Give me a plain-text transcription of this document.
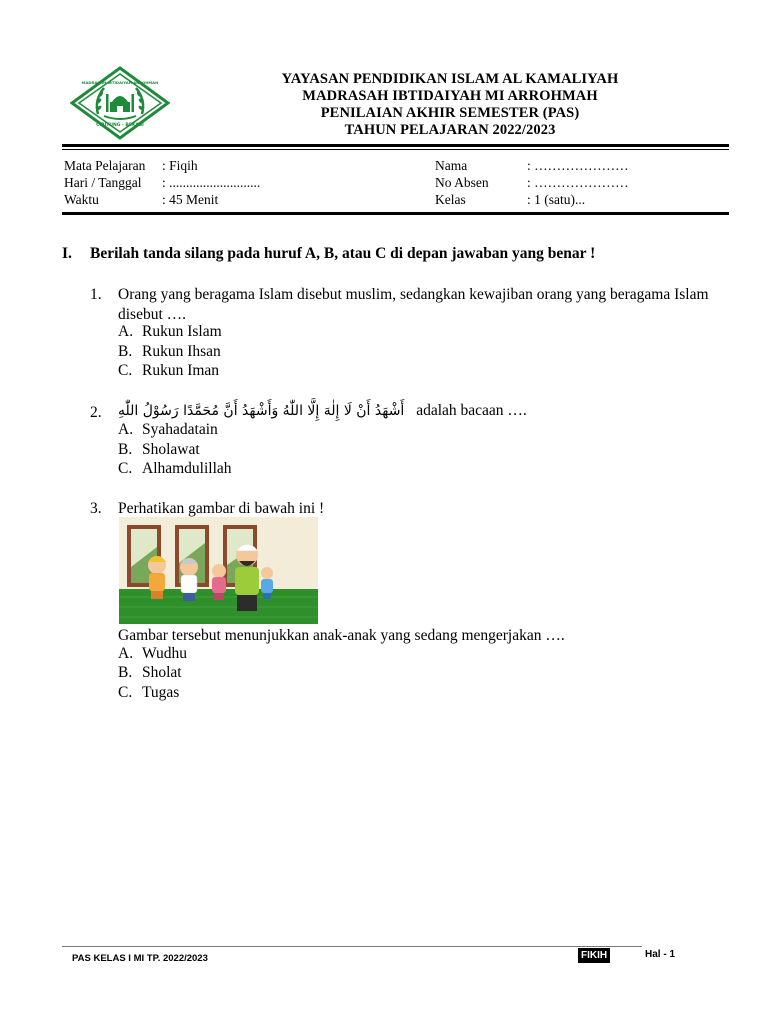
CIBITUNG - BEKASI
MADRASAH IBTIDAIYAH ARROHMAH	YAYASAN PENDIDIKAN ISLAM AL KAMALIYAH
MADRASAH IBTIDAIYAH MI ARROHMAH
PENILAIAN AKHIR SEMESTER (PAS)
TAHUN PELAJARAN 2022/2023
Mata Pelajaran : Fiqih
Hari / Tanggal : ...........................
Waktu	: 45 Menit
Nama	: …………………
No Absen	: …………………
Kelas	: 1 (satu)...
I. Berilah tanda silang pada huruf A, B, atau C di depan jawaban yang benar !
1. Orang yang beragama Islam disebut muslim, sedangkan kewajiban orang yang beragama Islam disebut ….
A. Rukun Islam
B. Rukun Ihsan
C. Rukun Iman
2. أَشْهَدُ أَنْ لَا إِلٰهَ إِلَّا اللّٰهُ وَأَشْهَدُ أَنَّ مُحَمَّدًا رَسُوْلُ اللّٰهِ adalah bacaan ….
A. Syahadatain
B. Sholawat
C. Alhamdulillah
3. Perhatikan gambar di bawah ini !
Gambar tersebut menunjukkan anak-anak yang sedang mengerjakan ….
A. Wudhu
B. Sholat
C. Tugas
PAS KELAS I MI TP. 2022/2023	FIKIH	Hal - 1
